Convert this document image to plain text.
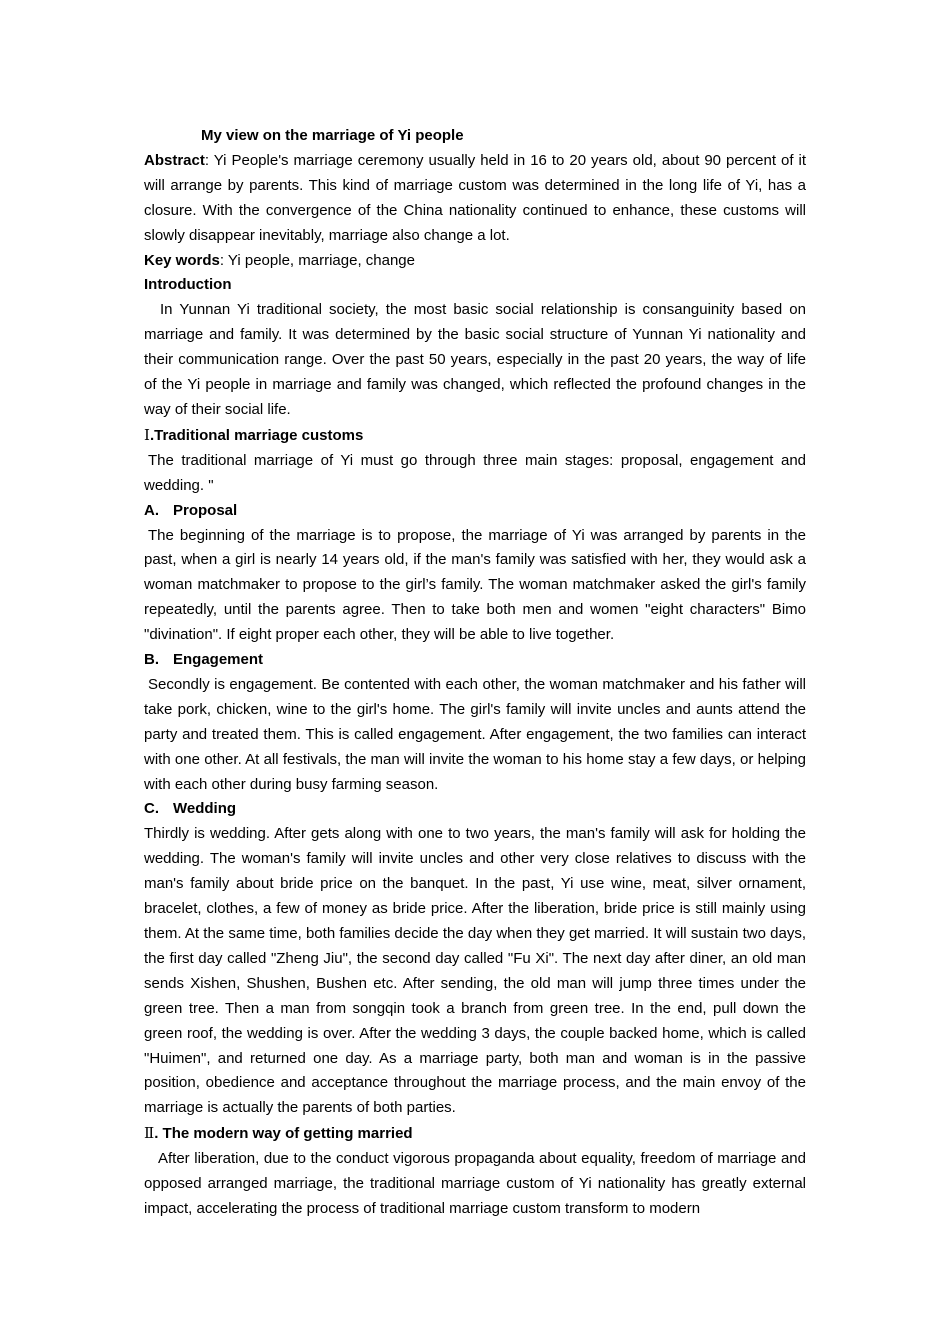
My view on the marriage of Yi people

Abstract: Yi People's marriage ceremony usually held in 16 to 20 years old, about 90 percent of it will arrange by parents. This kind of marriage custom was determined in the long life of Yi, has a closure. With the convergence of the China nationality continued to enhance, these customs will slowly disappear inevitably, marriage also change a lot.

Key words: Yi people, marriage, change

Introduction

In Yunnan Yi traditional society, the most basic social relationship is consanguinity based on marriage and family. It was determined by the basic social structure of Yunnan Yi nationality and their communication range. Over the past 50 years, especially in the past 20 years, the way of life of the Yi people in marriage and family was changed, which reflected the profound changes in the way of their social life.

Ⅰ.Traditional marriage customs

The traditional marriage of Yi must go through three main stages: proposal, engagement and wedding. "

A. Proposal

The beginning of the marriage is to propose, the marriage of Yi was arranged by parents in the past, when a girl is nearly 14 years old, if the man's family was satisfied with her, they would ask a woman matchmaker to propose to the girl’s family. The woman matchmaker asked the girl's family repeatedly, until the parents agree. Then to take both men and women "eight characters" Bimo "divination". If eight proper each other, they will be able to live together.

B. Engagement

Secondly is engagement. Be contented with each other, the woman matchmaker and his father will take pork, chicken, wine to the girl's home. The girl's family will invite uncles and aunts attend the party and treated them. This is called engagement. After engagement, the two families can interact with one other. At all festivals, the man will invite the woman to his home stay a few days, or helping with each other during busy farming season.

C. Wedding

Thirdly is wedding. After gets along with one to two years, the man's family will ask for holding the wedding. The woman's family will invite uncles and other very close relatives to discuss with the man's family about bride price on the banquet. In the past, Yi use wine, meat, silver ornament, bracelet, clothes, a few of money as bride price. After the liberation, bride price is still mainly using them. At the same time, both families decide the day when they get married. It will sustain two days, the first day called "Zheng Jiu", the second day called "Fu Xi". The next day after diner, an old man sends Xishen, Shushen, Bushen etc. After sending, the old man will jump three times under the green tree. Then a man from songqin took a branch from green tree. In the end, pull down the green roof, the wedding is over. After the wedding 3 days, the couple backed home, which is called "Huimen", and returned one day. As a marriage party, both man and woman is in the passive position, obedience and acceptance throughout the marriage process, and the main envoy of the marriage is actually the parents of both parties.

Ⅱ. The modern way of getting married

After liberation, due to the conduct vigorous propaganda about equality, freedom of marriage and opposed arranged marriage, the traditional marriage custom of Yi nationality has greatly external impact, accelerating the process of traditional marriage custom transform to modern
